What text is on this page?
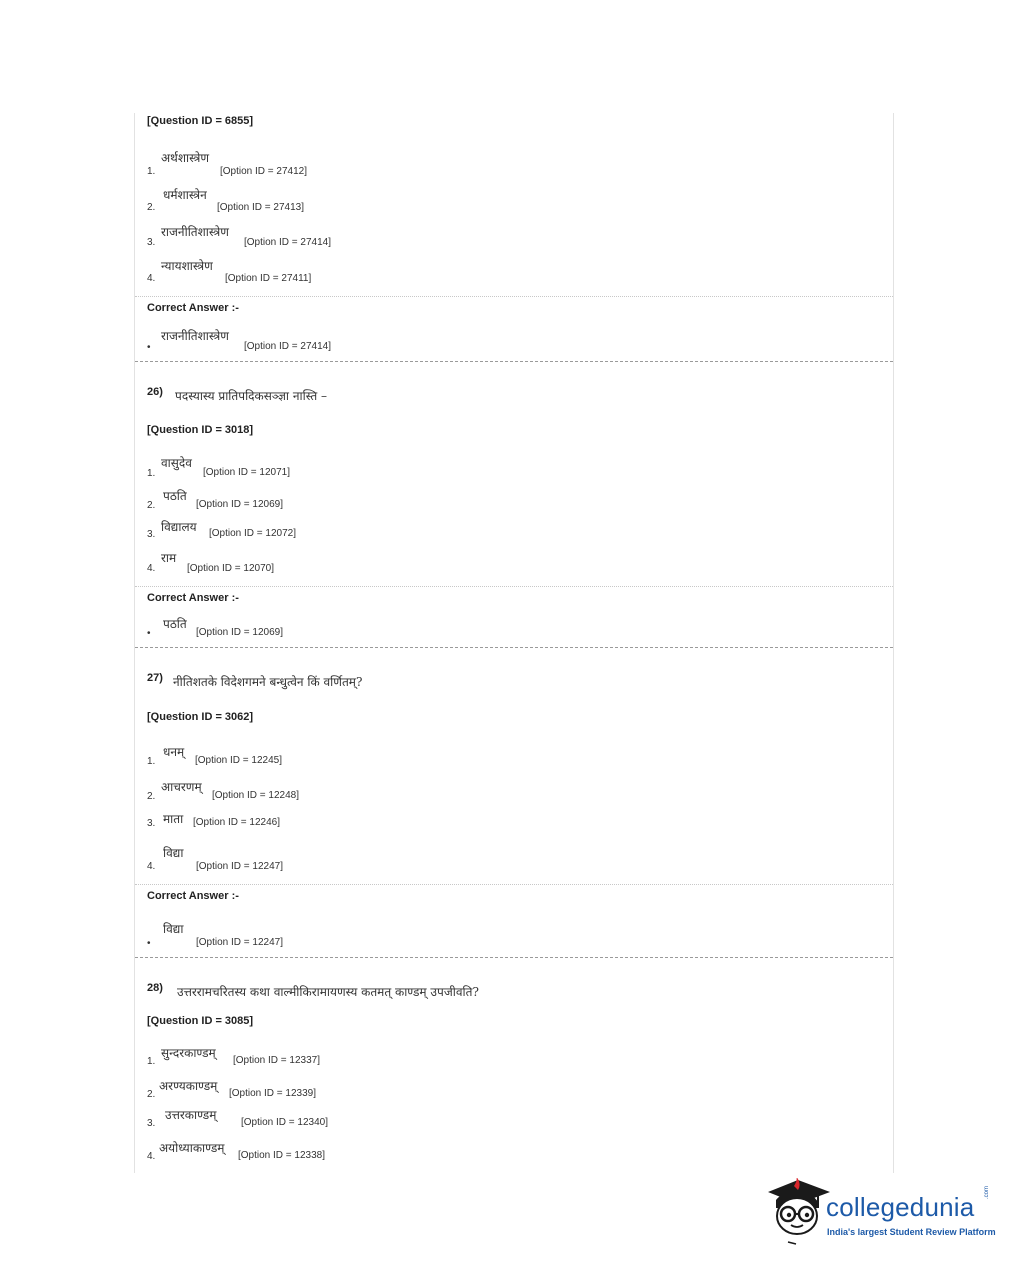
[Question ID = 6855]
अर्थशास्त्रेण
1.	[Option ID = 27412]
धर्मशास्त्रेन
2.	[Option ID = 27413]
राजनीतिशास्त्रेण
3.	[Option ID = 27414]
न्यायशास्त्रेण
4.	[Option ID = 27411]
Correct Answer :-
राजनीतिशास्त्रेण
•	[Option ID = 27414]
26) पदस्यास्य प्रातिपदिकसञ्ज्ञा नास्ति –
[Question ID = 3018]
वासुदेव
1.	[Option ID = 12071]
पठति
2.	[Option ID = 12069]
विद्यालय
3.	[Option ID = 12072]
राम
4.	[Option ID = 12070]
Correct Answer :-
पठति
•	[Option ID = 12069]
27) नीतिशतके विदेशगमने बन्धुत्वेन किं वर्णितम्?
[Question ID = 3062]
धनम्
1.	[Option ID = 12245]
आचरणम्
2.	[Option ID = 12248]
माता
3.	[Option ID = 12246]
विद्या
4.	[Option ID = 12247]
Correct Answer :-
विद्या
•	[Option ID = 12247]
28) उत्तररामचरितस्य कथा वाल्मीकिरामायणस्य कतमत् काण्डम् उपजीवति?
[Question ID = 3085]
सुन्दरकाण्डम्
1.	[Option ID = 12337]
अरण्यकाण्डम्
2.	[Option ID = 12339]
उत्तरकाण्डम्
3.	[Option ID = 12340]
अयोध्याकाण्डम्
4.	[Option ID = 12338]
collegedunia .com
India's largest Student Review Platform
